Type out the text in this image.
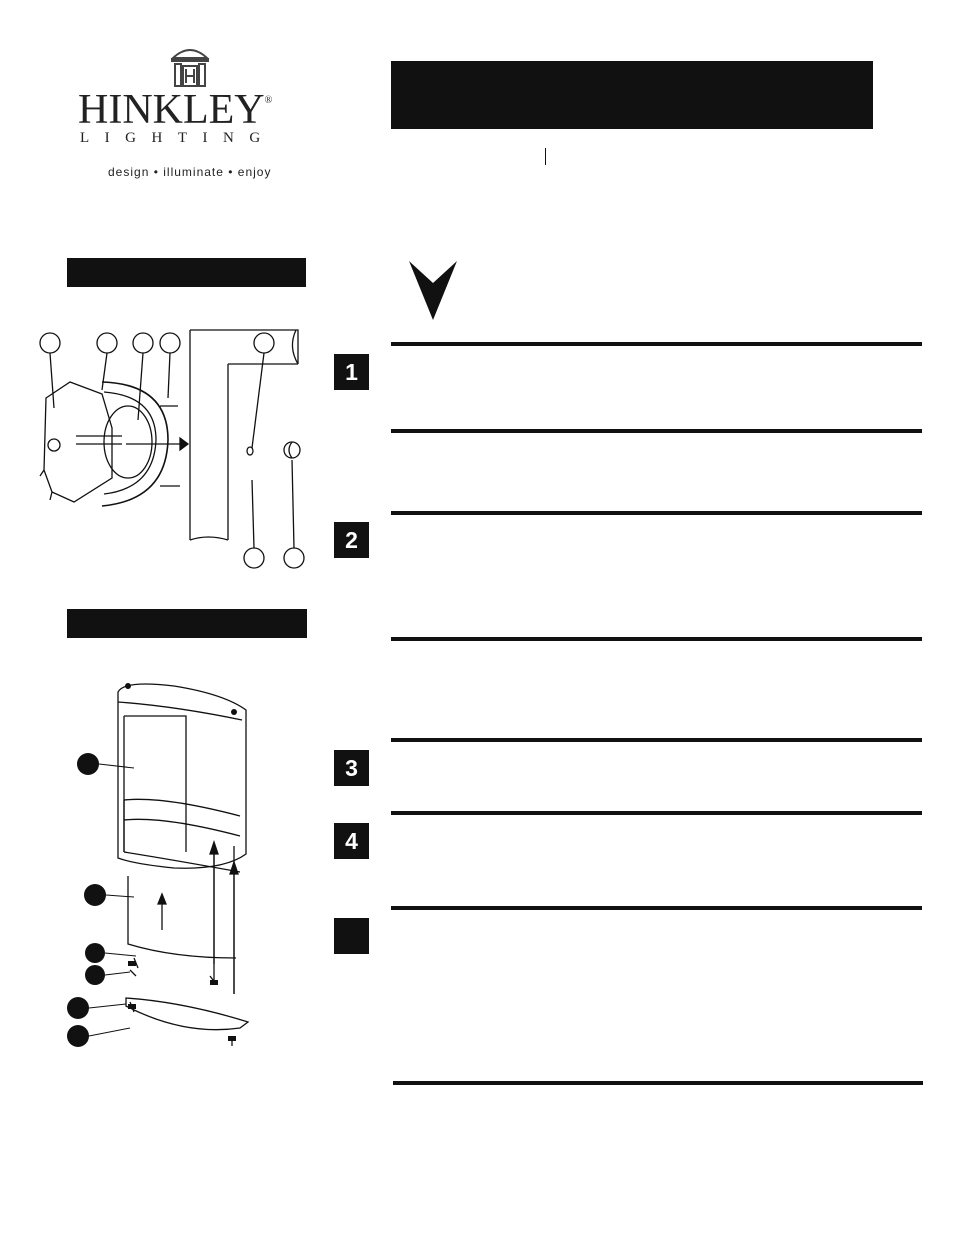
HINKLEY®
LIGHTING
design • illuminate • enjoy
1
2
3
4
